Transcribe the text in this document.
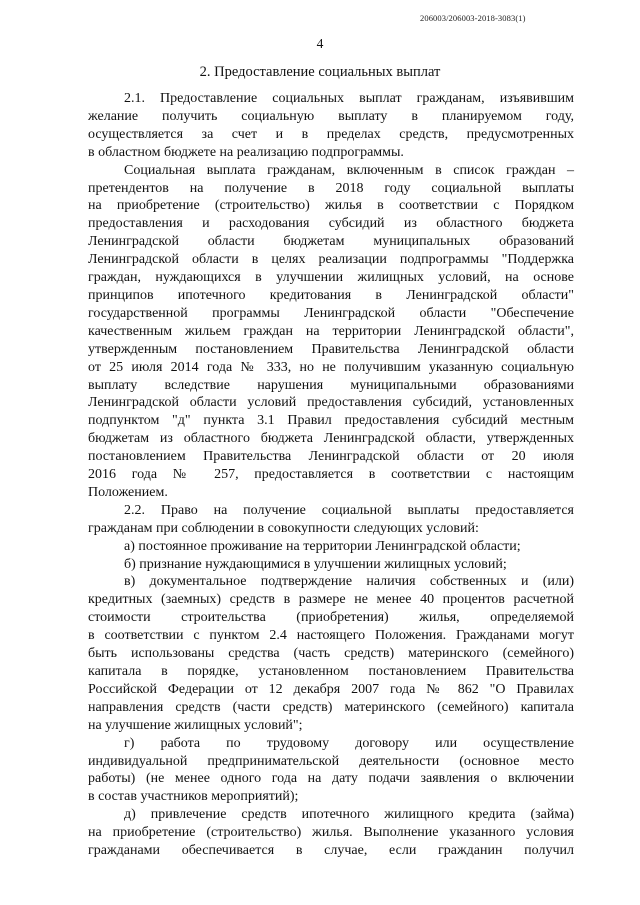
206003/206003-2018-3083(1)
4
2. Предоставление социальных выплат
2.1. Предоставление социальных выплат гражданам, изъявившим
желание получить социальную выплату в планируемом году,
осуществляется за счет и в пределах средств, предусмотренных
в областном бюджете на реализацию подпрограммы.
Социальная выплата гражданам, включенным в список граждан –
претендентов на получение в 2018 году социальной выплаты
на приобретение (строительство) жилья в соответствии с Порядком
предоставления и расходования субсидий из областного бюджета
Ленинградской области бюджетам муниципальных образований
Ленинградской области в целях реализации подпрограммы "Поддержка
граждан, нуждающихся в улучшении жилищных условий, на основе
принципов ипотечного кредитования в Ленинградской области"
государственной программы Ленинградской области "Обеспечение
качественным жильем граждан на территории Ленинградской области",
утвержденным постановлением Правительства Ленинградской области
от 25 июля 2014 года № 333, но не получившим указанную социальную
выплату вследствие нарушения муниципальными образованиями
Ленинградской области условий предоставления субсидий, установленных
подпунктом "д" пункта 3.1 Правил предоставления субсидий местным
бюджетам из областного бюджета Ленинградской области, утвержденных
постановлением Правительства Ленинградской области от 20 июля
2016 года № 257, предоставляется в соответствии с настоящим
Положением.
2.2. Право на получение социальной выплаты предоставляется
гражданам при соблюдении в совокупности следующих условий:
а) постоянное проживание на территории Ленинградской области;
б) признание нуждающимися в улучшении жилищных условий;
в) документальное подтверждение наличия собственных и (или)
кредитных (заемных) средств в размере не менее 40 процентов расчетной
стоимости строительства (приобретения) жилья, определяемой
в соответствии с пунктом 2.4 настоящего Положения. Гражданами могут
быть использованы средства (часть средств) материнского (семейного)
капитала в порядке, установленном постановлением Правительства
Российской Федерации от 12 декабря 2007 года № 862 "О Правилах
направления средств (части средств) материнского (семейного) капитала
на улучшение жилищных условий";
г) работа по трудовому договору или осуществление
индивидуальной предпринимательской деятельности (основное место
работы) (не менее одного года на дату подачи заявления о включении
в состав участников мероприятий);
д) привлечение средств ипотечного жилищного кредита (займа)
на приобретение (строительство) жилья. Выполнение указанного условия
гражданами обеспечивается в случае, если гражданин получил
